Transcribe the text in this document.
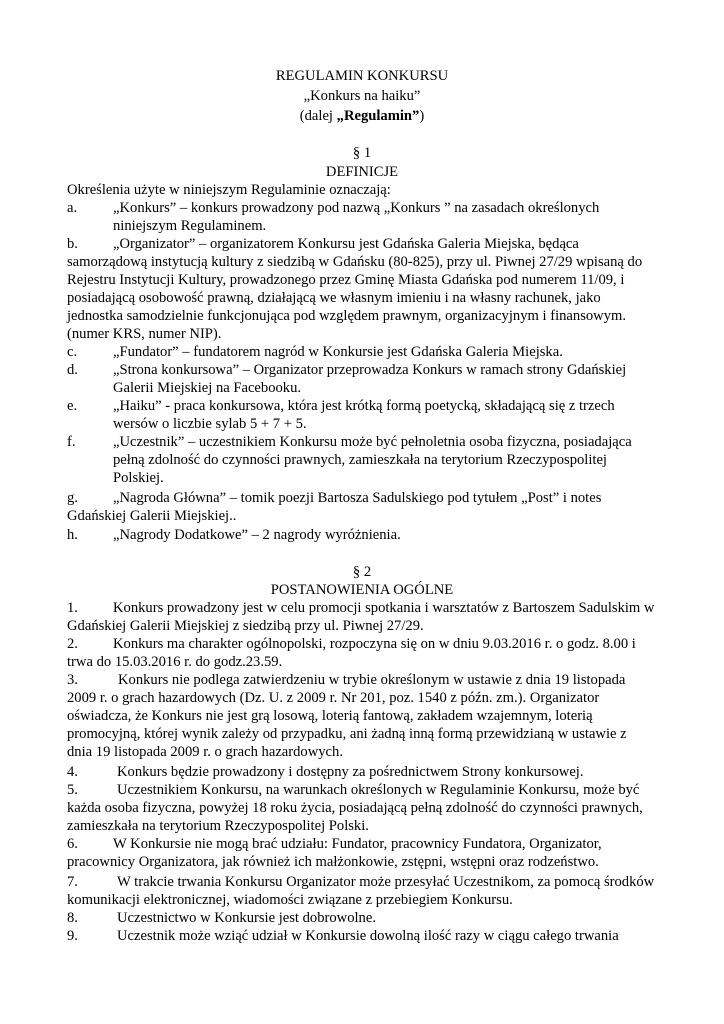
REGULAMIN KONKURSU
„Konkurs na haiku”
(dalej „Regulamin”)
§ 1
DEFINICJE
Określenia użyte w niniejszym Regulaminie oznaczają:
a. „Konkurs” – konkurs prowadzony pod nazwą „Konkurs ” na zasadach określonych
niniejszym Regulaminem.
b. „Organizator” – organizatorem Konkursu jest Gdańska Galeria Miejska, będąca
samorządową instytucją kultury z siedzibą w Gdańsku (80-825), przy ul. Piwnej 27/29 wpisaną do
Rejestru Instytucji Kultury, prowadzonego przez Gminę Miasta Gdańska pod numerem 11/09, i
posiadającą osobowość prawną, działającą we własnym imieniu i na własny rachunek, jako
jednostka samodzielnie funkcjonująca pod względem prawnym, organizacyjnym i finansowym.
(numer KRS, numer NIP).
c. „Fundator” – fundatorem nagród w Konkursie jest Gdańska Galeria Miejska.
d. „Strona konkursowa” – Organizator przeprowadza Konkurs w ramach strony Gdańskiej
Galerii Miejskiej na Facebooku.
e. „Haiku” - praca konkursowa, która jest krótką formą poetycką, składającą się z trzech
wersów o liczbie sylab 5 + 7 + 5.
f.	„Uczestnik” – uczestnikiem Konkursu może być pełnoletnia osoba fizyczna, posiadająca
pełną zdolność do czynności prawnych, zamieszkała na terytorium Rzeczypospolitej
Polskiej.
g. „Nagroda Główna” – tomik poezji Bartosza Sadulskiego pod tytułem „Post” i notes
Gdańskiej Galerii Miejskiej..
h. „Nagrody Dodatkowe” – 2 nagrody wyróżnienia.
§ 2
POSTANOWIENIA OGÓLNE
1. Konkurs prowadzony jest w celu promocji spotkania i warsztatów z Bartoszem Sadulskim w
Gdańskiej Galerii Miejskiej z siedzibą przy ul. Piwnej 27/29.
2. Konkurs ma charakter ogólnopolski, rozpoczyna się on w dniu 9.03.2016 r. o godz. 8.00 i
trwa do 15.03.2016 r. do godz.23.59.
3.	Konkurs nie podlega zatwierdzeniu w trybie określonym w ustawie z dnia 19 listopada
2009 r. o grach hazardowych (Dz. U. z 2009 r. Nr 201, poz. 1540 z późn. zm.). Organizator
oświadcza, że Konkurs nie jest grą losową, loterią fantową, zakładem wzajemnym, loterią
promocyjną, której wynik zależy od przypadku, ani żadną inną formą przewidzianą w ustawie z
dnia 19 listopada 2009 r. o grach hazardowych.
4.	Konkurs będzie prowadzony i dostępny za pośrednictwem Strony konkursowej.
5.	Uczestnikiem Konkursu, na warunkach określonych w Regulaminie Konkursu, może być
każda osoba fizyczna, powyżej 18 roku życia, posiadającą pełną zdolność do czynności prawnych,
zamieszkała na terytorium Rzeczypospolitej Polski.
6. W Konkursie nie mogą brać udziału: Fundator, pracownicy Fundatora, Organizator,
pracownicy Organizatora, jak również ich małżonkowie, zstępni, wstępni oraz rodzeństwo.
7.	W trakcie trwania Konkursu Organizator może przesyłać Uczestnikom, za pomocą środków
komunikacji elektronicznej, wiadomości związane z przebiegiem Konkursu.
8.	Uczestnictwo w Konkursie jest dobrowolne.
9.	Uczestnik może wziąć udział w Konkursie dowolną ilość razy w ciągu całego trwania
